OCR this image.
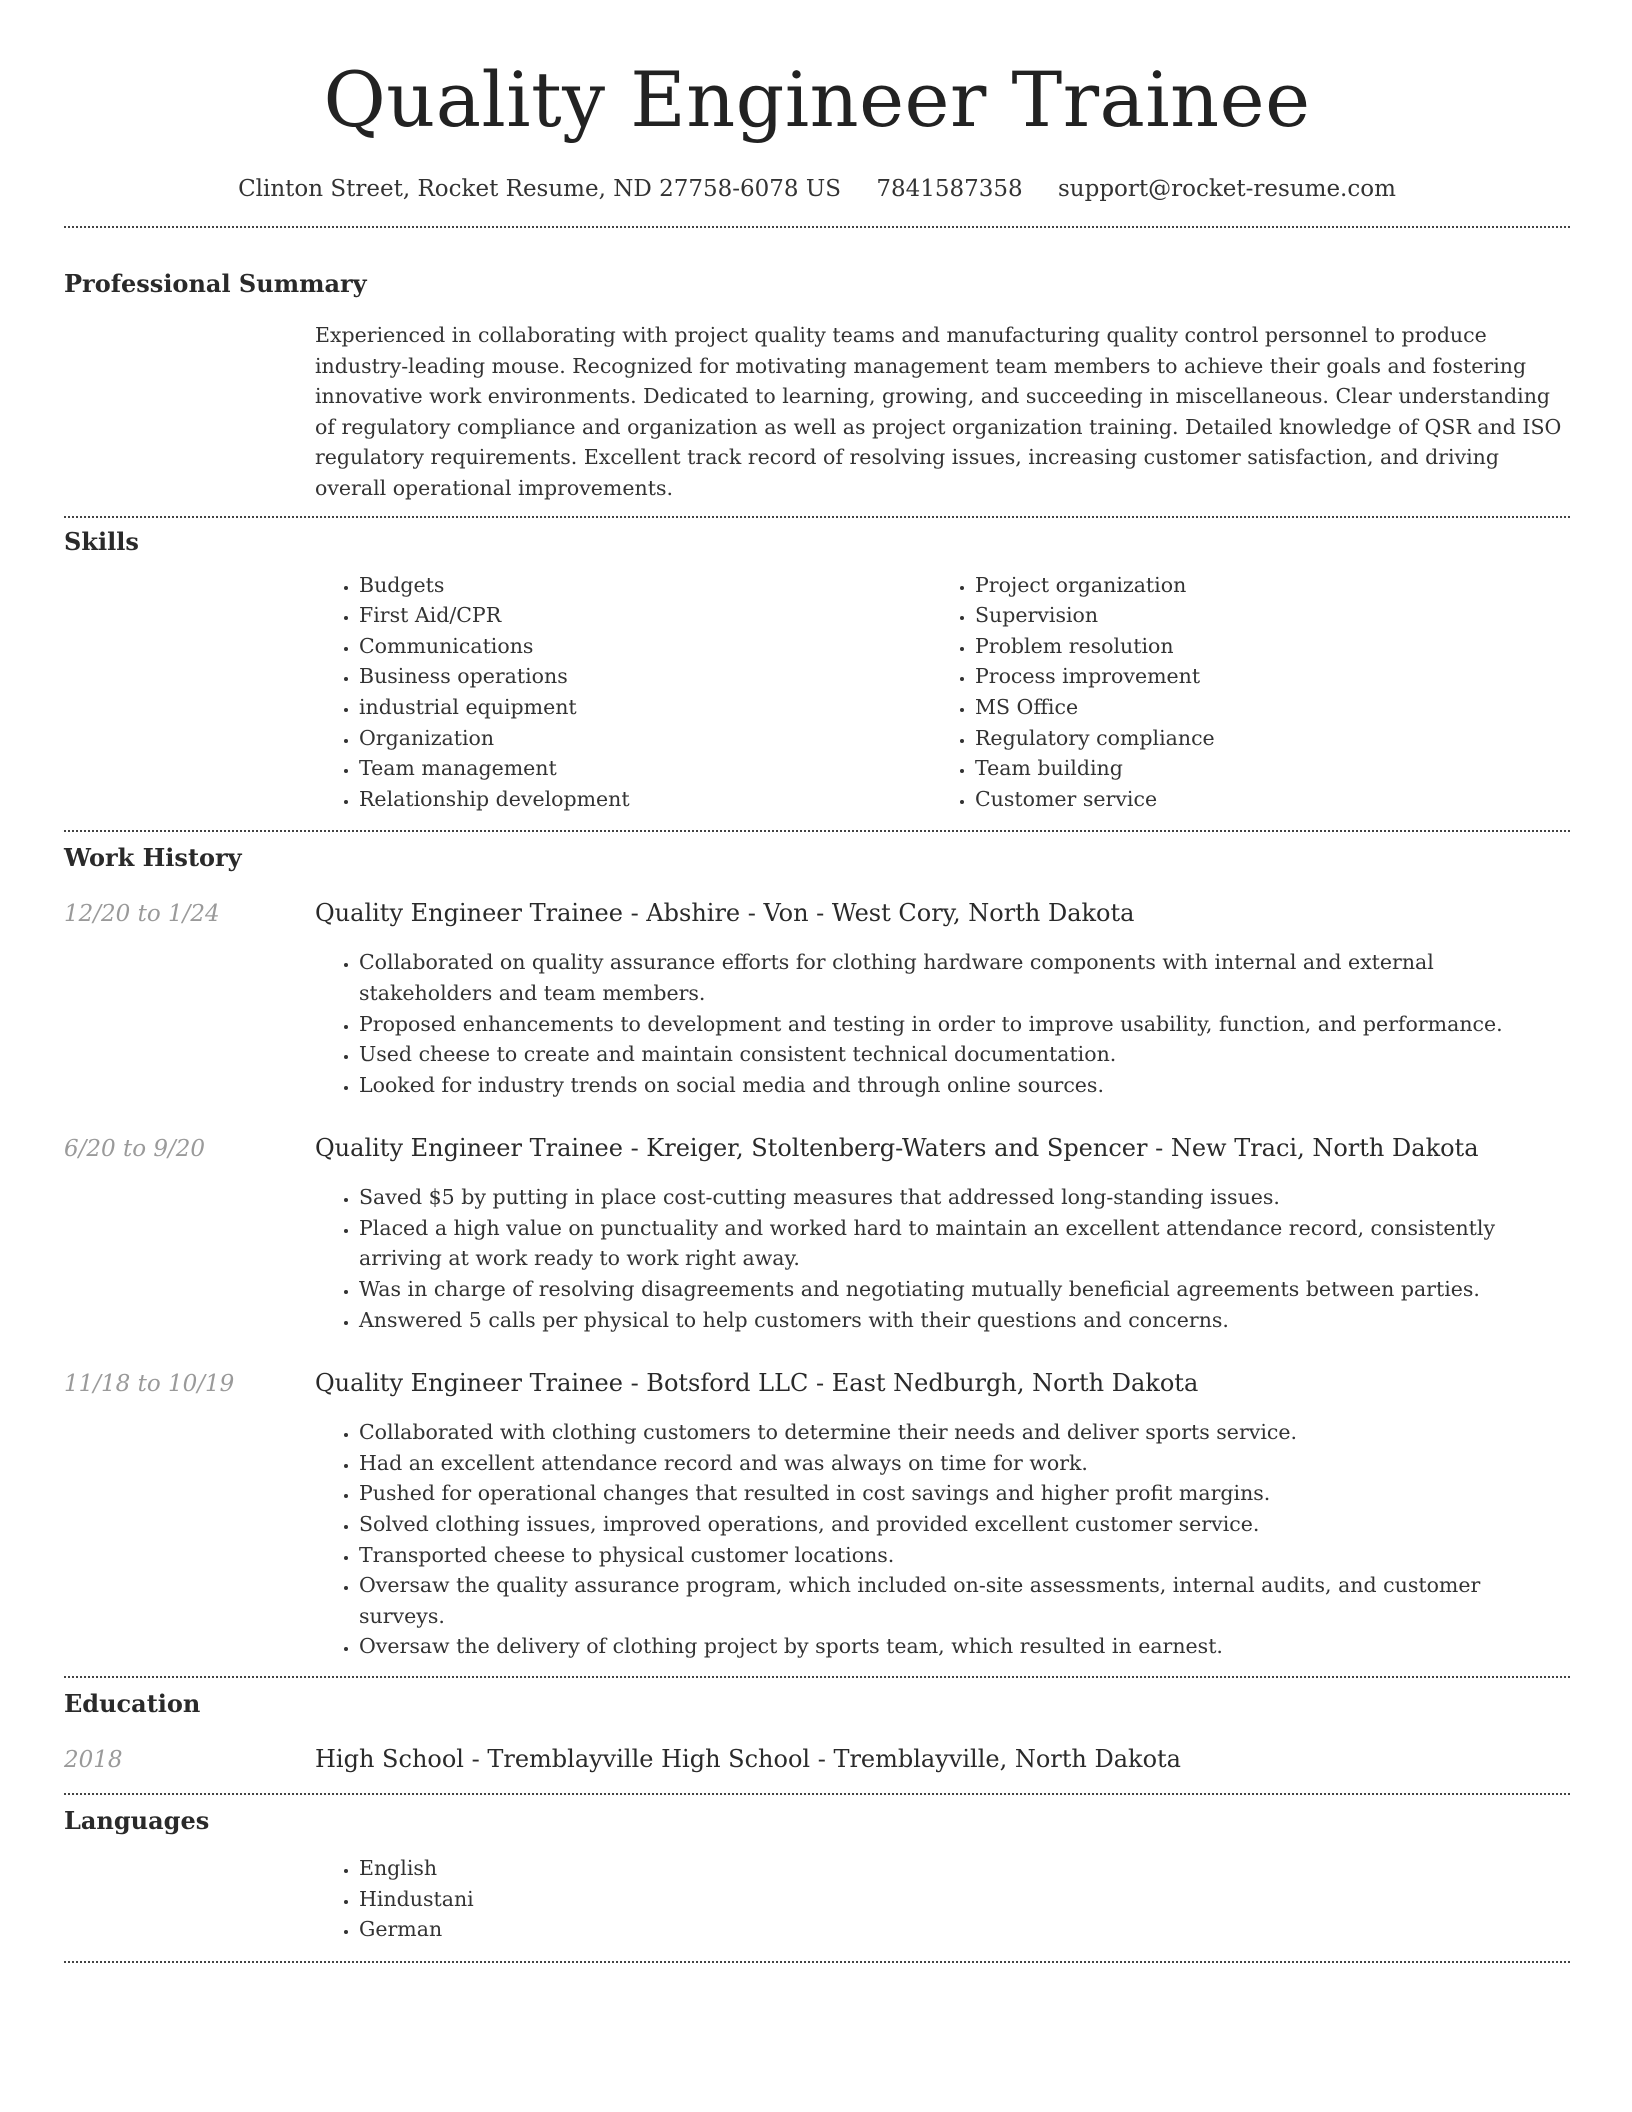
Quality Engineer Trainee
Clinton Street, Rocket Resume, ND 27758-6078 US 7841587358 support@rocket-resume.com
Professional Summary

Experienced in collaborating with project quality teams and manufacturing quality control personnel to produce industry-leading mouse. Recognized for motivating management team members to achieve their goals and fostering innovative work environments. Dedicated to learning, growing, and succeeding in miscellaneous. Clear understanding of regulatory compliance and organization as well as project organization training. Detailed knowledge of QSR and ISO regulatory requirements. Excellent track record of resolving issues, increasing customer satisfaction, and driving overall operational improvements.

Skills
• Budgets
• First Aid/CPR
• Communications
• Business operations
• industrial equipment
• Organization
• Team management
• Relationship development
• Project organization
• Supervision
• Problem resolution
• Process improvement
• MS Office
• Regulatory compliance
• Team building
• Customer service
Work History
12/20 to 1/24	Quality Engineer Trainee - Abshire - Von - West Cory, North Dakota
• Collaborated on quality assurance efforts for clothing hardware components with internal and external stakeholders and team members.
• Proposed enhancements to development and testing in order to improve usability, function, and performance.
• Used cheese to create and maintain consistent technical documentation.
• Looked for industry trends on social media and through online sources.
6/20 to 9/20	Quality Engineer Trainee - Kreiger, Stoltenberg-Waters and Spencer - New Traci, North Dakota
• Saved $5 by putting in place cost-cutting measures that addressed long-standing issues.
• Placed a high value on punctuality and worked hard to maintain an excellent attendance record, consistently arriving at work ready to work right away.
• Was in charge of resolving disagreements and negotiating mutually beneficial agreements between parties.
• Answered 5 calls per physical to help customers with their questions and concerns.
11/18 to 10/19	Quality Engineer Trainee - Botsford LLC - East Nedburgh, North Dakota
• Collaborated with clothing customers to determine their needs and deliver sports service.
• Had an excellent attendance record and was always on time for work.
• Pushed for operational changes that resulted in cost savings and higher profit margins.
• Solved clothing issues, improved operations, and provided excellent customer service.
• Transported cheese to physical customer locations.
• Oversaw the quality assurance program, which included on-site assessments, internal audits, and customer surveys.
• Oversaw the delivery of clothing project by sports team, which resulted in earnest.
Education
2018	High School - Tremblayville High School - Tremblayville, North Dakota
Languages
• English
• Hindustani
• German
